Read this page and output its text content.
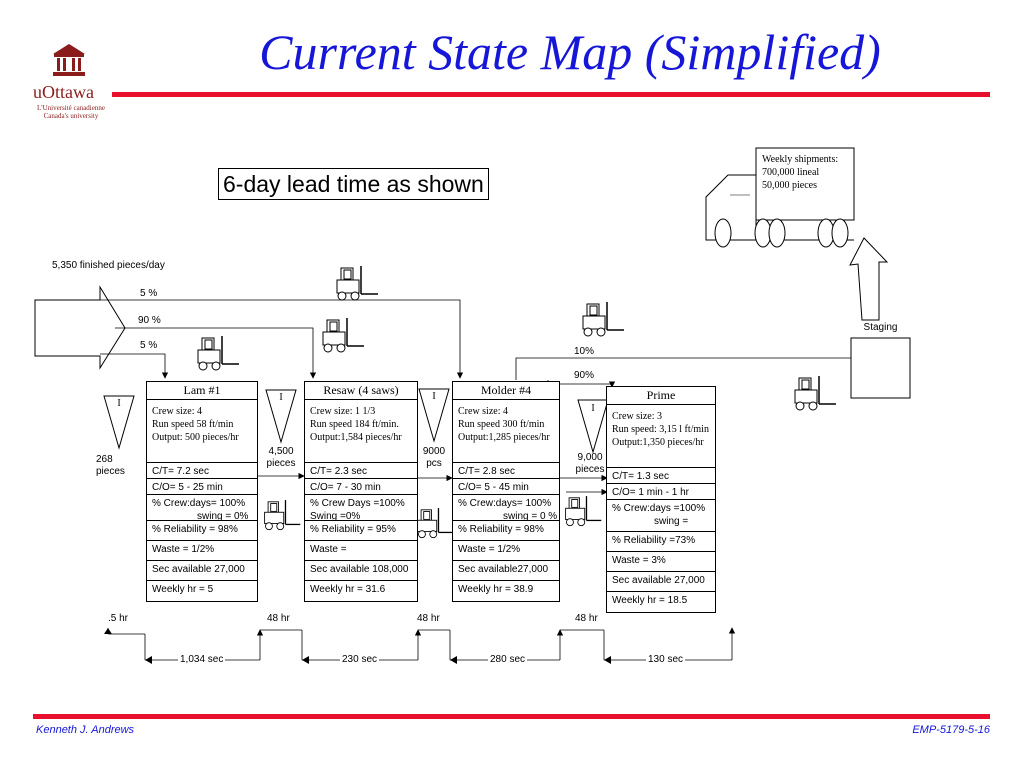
uOttawa
L'Université canadienne
Canada's university
Current State Map (Simplified)
6-day lead time as shown
5,350 finished pieces/day
5 %
90 %
5 %
Weekly shipments:
700,000 lineal
50,000 pieces
Staging
10%
90%
I
268
pieces
I
4,500
pieces
I
9000
pcs
I
9,000
pieces
Lam #1
Crew size: 4
Run speed 58 ft/min
Output: 500 pieces/hr
C/T= 7.2 sec
C/O= 5 - 25 min
% Crew:days= 100%
swing = 0%
% Reliability = 98%
Waste = 1/2%
Sec available 27,000
Weekly hr = 5
Resaw (4 saws)
Crew size: 1 1/3
Run speed 184 ft/min.
Output:1,584 pieces/hr
C/T= 2.3 sec
C/O= 7 - 30 min
% Crew Days =100%
Swing =0%
% Reliability = 95%
Waste =
Sec available 108,000
Weekly hr = 31.6
Molder #4
Crew size: 4
Run speed 300 ft/min
Output:1,285 pieces/hr
C/T= 2.8 sec
C/O= 5 - 45 min
% Crew:days= 100%
swing = 0 %
% Reliability = 98%
Waste = 1/2%
Sec available27,000
Weekly hr = 38.9
Prime
Crew size: 3
Run speed: 3,15 l ft/min
Output:1,350 pieces/hr
C/T= 1.3 sec
C/O= 1 min - 1 hr
% Crew:days =100%
swing =
% Reliability =73%
Waste = 3%
Sec available 27,000
Weekly hr = 18.5
.5 hr	48 hr	48 hr	48 hr
1,034 sec	230 sec	280 sec	130 sec
Kenneth J. Andrews	EMP-5179-5-16
